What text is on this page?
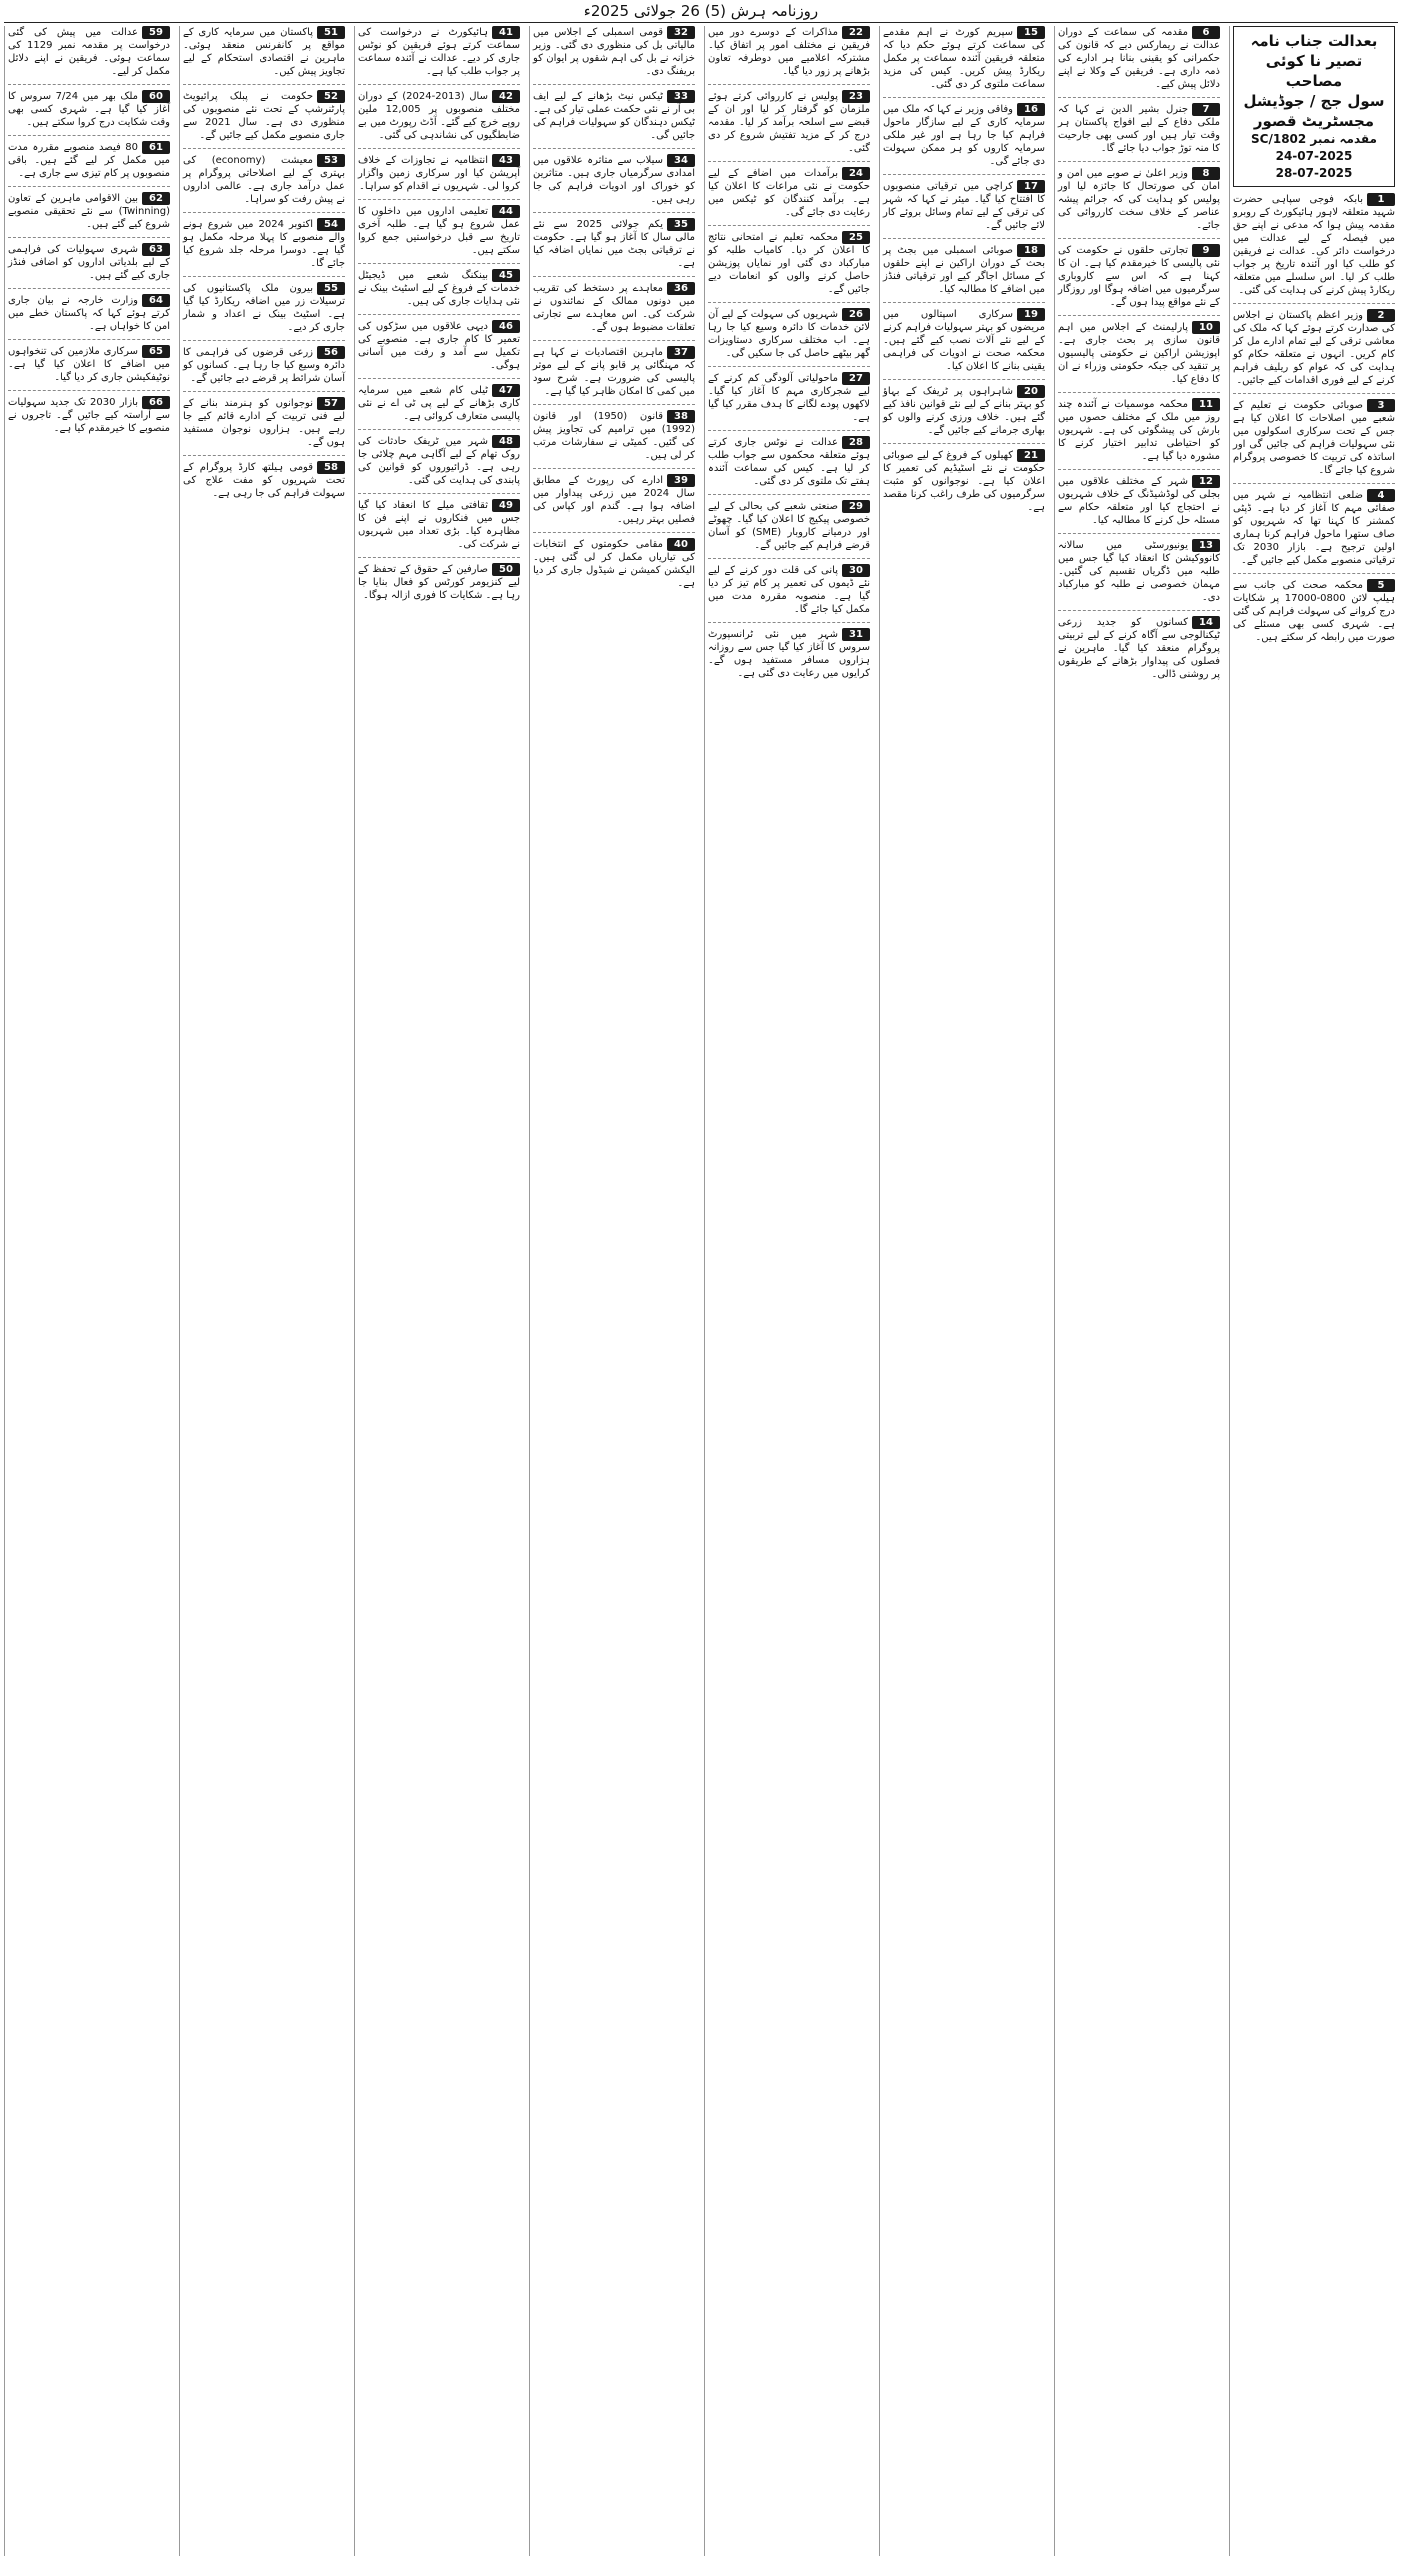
روزنامہ ہرش (5) 26 جولائی 2025ء
بعدالت جناب نامہ تصیر نا کوئی مصاحب
سول جج / جوڈیشل مجسٹریٹ قصور
مقدمہ نمبر 1802/SC
24-07-2025
28-07-2025
1بابکہ فوجی سپاہی حضرت شہید متعلقہ لاہور ہائیکورٹ کے روبرو مقدمہ پیش ہوا کہ مدعی نے اپنے حق میں فیصلہ کے لیے عدالت میں درخواست دائر کی۔ عدالت نے فریقین کو طلب کیا اور آئندہ تاریخ پر جواب طلب کر لیا۔ اس سلسلے میں متعلقہ ریکارڈ پیش کرنے کی ہدایت کی گئی۔
2وزیر اعظم پاکستان نے اجلاس کی صدارت کرتے ہوئے کہا کہ ملک کی معاشی ترقی کے لیے تمام ادارے مل کر کام کریں۔ انہوں نے متعلقہ حکام کو ہدایت کی کہ عوام کو ریلیف فراہم کرنے کے لیے فوری اقدامات کیے جائیں۔
3صوبائی حکومت نے تعلیم کے شعبے میں اصلاحات کا اعلان کیا ہے جس کے تحت سرکاری اسکولوں میں نئی سہولیات فراہم کی جائیں گی اور اساتذہ کی تربیت کا خصوصی پروگرام شروع کیا جائے گا۔
4ضلعی انتظامیہ نے شہر میں صفائی مہم کا آغاز کر دیا ہے۔ ڈپٹی کمشنر کا کہنا تھا کہ شہریوں کو صاف ستھرا ماحول فراہم کرنا ہماری اولین ترجیح ہے۔ بازار 2030 تک ترقیاتی منصوبے مکمل کیے جائیں گے۔
5محکمہ صحت کی جانب سے ہیلپ لائن 0800-17000 پر شکایات درج کروانے کی سہولت فراہم کی گئی ہے۔ شہری کسی بھی مسئلے کی صورت میں رابطہ کر سکتے ہیں۔
6مقدمہ کی سماعت کے دوران عدالت نے ریمارکس دیے کہ قانون کی حکمرانی کو یقینی بنانا ہر ادارے کی ذمہ داری ہے۔ فریقین کے وکلا نے اپنے دلائل پیش کیے۔
7جنرل بشیر الدین نے کہا کہ ملکی دفاع کے لیے افواج پاکستان ہر وقت تیار ہیں اور کسی بھی جارحیت کا منہ توڑ جواب دیا جائے گا۔
8وزیر اعلیٰ نے صوبے میں امن و امان کی صورتحال کا جائزہ لیا اور پولیس کو ہدایت کی کہ جرائم پیشہ عناصر کے خلاف سخت کارروائی کی جائے۔
9تجارتی حلقوں نے حکومت کی نئی پالیسی کا خیرمقدم کیا ہے۔ ان کا کہنا ہے کہ اس سے کاروباری سرگرمیوں میں اضافہ ہوگا اور روزگار کے نئے مواقع پیدا ہوں گے۔
10پارلیمنٹ کے اجلاس میں اہم قانون سازی پر بحث جاری ہے۔ اپوزیشن اراکین نے حکومتی پالیسیوں پر تنقید کی جبکہ حکومتی وزراء نے ان کا دفاع کیا۔
11محکمہ موسمیات نے آئندہ چند روز میں ملک کے مختلف حصوں میں بارش کی پیشگوئی کی ہے۔ شہریوں کو احتیاطی تدابیر اختیار کرنے کا مشورہ دیا گیا ہے۔
12شہر کے مختلف علاقوں میں بجلی کی لوڈشیڈنگ کے خلاف شہریوں نے احتجاج کیا اور متعلقہ حکام سے مسئلہ حل کرنے کا مطالبہ کیا۔
13یونیورسٹی میں سالانہ کانووکیشن کا انعقاد کیا گیا جس میں طلبہ میں ڈگریاں تقسیم کی گئیں۔ مہمان خصوصی نے طلبہ کو مبارکباد دی۔
14کسانوں کو جدید زرعی ٹیکنالوجی سے آگاہ کرنے کے لیے تربیتی پروگرام منعقد کیا گیا۔ ماہرین نے فصلوں کی پیداوار بڑھانے کے طریقوں پر روشنی ڈالی۔
15سپریم کورٹ نے اہم مقدمے کی سماعت کرتے ہوئے حکم دیا کہ متعلقہ فریقین آئندہ سماعت پر مکمل ریکارڈ پیش کریں۔ کیس کی مزید سماعت ملتوی کر دی گئی۔
16وفاقی وزیر نے کہا کہ ملک میں سرمایہ کاری کے لیے سازگار ماحول فراہم کیا جا رہا ہے اور غیر ملکی سرمایہ کاروں کو ہر ممکن سہولت دی جائے گی۔
17کراچی میں ترقیاتی منصوبوں کا افتتاح کیا گیا۔ میئر نے کہا کہ شہر کی ترقی کے لیے تمام وسائل بروئے کار لائے جائیں گے۔
18صوبائی اسمبلی میں بجٹ پر بحث کے دوران اراکین نے اپنے حلقوں کے مسائل اجاگر کیے اور ترقیاتی فنڈز میں اضافے کا مطالبہ کیا۔
19سرکاری اسپتالوں میں مریضوں کو بہتر سہولیات فراہم کرنے کے لیے نئے آلات نصب کیے گئے ہیں۔ محکمہ صحت نے ادویات کی فراہمی یقینی بنانے کا اعلان کیا۔
20شاہراہوں پر ٹریفک کے بہاؤ کو بہتر بنانے کے لیے نئے قوانین نافذ کیے گئے ہیں۔ خلاف ورزی کرنے والوں کو بھاری جرمانے کیے جائیں گے۔
21کھیلوں کے فروغ کے لیے صوبائی حکومت نے نئے اسٹیڈیم کی تعمیر کا اعلان کیا ہے۔ نوجوانوں کو مثبت سرگرمیوں کی طرف راغب کرنا مقصد ہے۔
22مذاکرات کے دوسرے دور میں فریقین نے مختلف امور پر اتفاق کیا۔ مشترکہ اعلامیے میں دوطرفہ تعاون بڑھانے پر زور دیا گیا۔
23پولیس نے کارروائی کرتے ہوئے ملزمان کو گرفتار کر لیا اور ان کے قبضے سے اسلحہ برآمد کر لیا۔ مقدمہ درج کر کے مزید تفتیش شروع کر دی گئی۔
24برآمدات میں اضافے کے لیے حکومت نے نئی مراعات کا اعلان کیا ہے۔ برآمد کنندگان کو ٹیکس میں رعایت دی جائے گی۔
25محکمہ تعلیم نے امتحانی نتائج کا اعلان کر دیا۔ کامیاب طلبہ کو مبارکباد دی گئی اور نمایاں پوزیشن حاصل کرنے والوں کو انعامات دیے جائیں گے۔
26شہریوں کی سہولت کے لیے آن لائن خدمات کا دائرہ وسیع کیا جا رہا ہے۔ اب مختلف سرکاری دستاویزات گھر بیٹھے حاصل کی جا سکیں گی۔
27ماحولیاتی آلودگی کم کرنے کے لیے شجرکاری مہم کا آغاز کیا گیا۔ لاکھوں پودے لگانے کا ہدف مقرر کیا گیا ہے۔
28عدالت نے نوٹس جاری کرتے ہوئے متعلقہ محکموں سے جواب طلب کر لیا ہے۔ کیس کی سماعت آئندہ ہفتے تک ملتوی کر دی گئی۔
29صنعتی شعبے کی بحالی کے لیے خصوصی پیکیج کا اعلان کیا گیا۔ چھوٹے اور درمیانے کاروبار (SME) کو آسان قرضے فراہم کیے جائیں گے۔
30پانی کی قلت دور کرنے کے لیے نئے ڈیموں کی تعمیر پر کام تیز کر دیا گیا ہے۔ منصوبہ مقررہ مدت میں مکمل کیا جائے گا۔
31شہر میں نئی ٹرانسپورٹ سروس کا آغاز کیا گیا جس سے روزانہ ہزاروں مسافر مستفید ہوں گے۔ کرایوں میں رعایت دی گئی ہے۔
32قومی اسمبلی کے اجلاس میں مالیاتی بل کی منظوری دی گئی۔ وزیر خزانہ نے بل کی اہم شقوں پر ایوان کو بریفنگ دی۔
33ٹیکس نیٹ بڑھانے کے لیے ایف بی آر نے نئی حکمت عملی تیار کی ہے۔ ٹیکس دہندگان کو سہولیات فراہم کی جائیں گی۔
34سیلاب سے متاثرہ علاقوں میں امدادی سرگرمیاں جاری ہیں۔ متاثرین کو خوراک اور ادویات فراہم کی جا رہی ہیں۔
35یکم جولائی 2025 سے نئے مالی سال کا آغاز ہو گیا ہے۔ حکومت نے ترقیاتی بجٹ میں نمایاں اضافہ کیا ہے۔
36معاہدے پر دستخط کی تقریب میں دونوں ممالک کے نمائندوں نے شرکت کی۔ اس معاہدے سے تجارتی تعلقات مضبوط ہوں گے۔
37ماہرین اقتصادیات نے کہا ہے کہ مہنگائی پر قابو پانے کے لیے موثر پالیسی کی ضرورت ہے۔ شرح سود میں کمی کا امکان ظاہر کیا گیا ہے۔
38قانون (1950) اور قانون (1992) میں ترامیم کی تجاویز پیش کی گئیں۔ کمیٹی نے سفارشات مرتب کر لی ہیں۔
39ادارے کی رپورٹ کے مطابق سال 2024 میں زرعی پیداوار میں اضافہ ہوا ہے۔ گندم اور کپاس کی فصلیں بہتر رہیں۔
40مقامی حکومتوں کے انتخابات کی تیاریاں مکمل کر لی گئی ہیں۔ الیکشن کمیشن نے شیڈول جاری کر دیا ہے۔
41ہائیکورٹ نے درخواست کی سماعت کرتے ہوئے فریقین کو نوٹس جاری کر دیے۔ عدالت نے آئندہ سماعت پر جواب طلب کیا ہے۔
42سال (2013-2024) کے دوران مختلف منصوبوں پر 12,005 ملین روپے خرچ کیے گئے۔ آڈٹ رپورٹ میں بے ضابطگیوں کی نشاندہی کی گئی۔
43انتظامیہ نے تجاوزات کے خلاف آپریشن کیا اور سرکاری زمین واگزار کروا لی۔ شہریوں نے اقدام کو سراہا۔
44تعلیمی اداروں میں داخلوں کا عمل شروع ہو گیا ہے۔ طلبہ آخری تاریخ سے قبل درخواستیں جمع کروا سکتے ہیں۔
45بینکنگ شعبے میں ڈیجیٹل خدمات کے فروغ کے لیے اسٹیٹ بینک نے نئی ہدایات جاری کی ہیں۔
46دیہی علاقوں میں سڑکوں کی تعمیر کا کام جاری ہے۔ منصوبے کی تکمیل سے آمد و رفت میں آسانی ہوگی۔
47ٹیلی کام شعبے میں سرمایہ کاری بڑھانے کے لیے پی ٹی اے نے نئی پالیسی متعارف کروائی ہے۔
48شہر میں ٹریفک حادثات کی روک تھام کے لیے آگاہی مہم چلائی جا رہی ہے۔ ڈرائیوروں کو قوانین کی پابندی کی ہدایت کی گئی۔
49ثقافتی میلے کا انعقاد کیا گیا جس میں فنکاروں نے اپنے فن کا مظاہرہ کیا۔ بڑی تعداد میں شہریوں نے شرکت کی۔
50صارفین کے حقوق کے تحفظ کے لیے کنزیومر کورٹس کو فعال بنایا جا رہا ہے۔ شکایات کا فوری ازالہ ہوگا۔
51پاکستان میں سرمایہ کاری کے مواقع پر کانفرنس منعقد ہوئی۔ ماہرین نے اقتصادی استحکام کے لیے تجاویز پیش کیں۔
52حکومت نے پبلک پرائیویٹ پارٹنرشپ کے تحت نئے منصوبوں کی منظوری دی ہے۔ سال 2021 سے جاری منصوبے مکمل کیے جائیں گے۔
53معیشت (economy) کی بہتری کے لیے اصلاحاتی پروگرام پر عمل درآمد جاری ہے۔ عالمی اداروں نے پیش رفت کو سراہا۔
54اکتوبر 2024 میں شروع ہونے والے منصوبے کا پہلا مرحلہ مکمل ہو گیا ہے۔ دوسرا مرحلہ جلد شروع کیا جائے گا۔
55بیرون ملک پاکستانیوں کی ترسیلات زر میں اضافہ ریکارڈ کیا گیا ہے۔ اسٹیٹ بینک نے اعداد و شمار جاری کر دیے۔
56زرعی قرضوں کی فراہمی کا دائرہ وسیع کیا جا رہا ہے۔ کسانوں کو آسان شرائط پر قرضے دیے جائیں گے۔
57نوجوانوں کو ہنرمند بنانے کے لیے فنی تربیت کے ادارے قائم کیے جا رہے ہیں۔ ہزاروں نوجوان مستفید ہوں گے۔
58قومی ہیلتھ کارڈ پروگرام کے تحت شہریوں کو مفت علاج کی سہولت فراہم کی جا رہی ہے۔
59عدالت میں پیش کی گئی درخواست پر مقدمہ نمبر 1129 کی سماعت ہوئی۔ فریقین نے اپنے دلائل مکمل کر لیے۔
60ملک بھر میں 7/24 سروس کا آغاز کیا گیا ہے۔ شہری کسی بھی وقت شکایت درج کروا سکتے ہیں۔
6180 فیصد منصوبے مقررہ مدت میں مکمل کر لیے گئے ہیں۔ باقی منصوبوں پر کام تیزی سے جاری ہے۔
62بین الاقوامی ماہرین کے تعاون (Twinning) سے نئے تحقیقی منصوبے شروع کیے گئے ہیں۔
63شہری سہولیات کی فراہمی کے لیے بلدیاتی اداروں کو اضافی فنڈز جاری کیے گئے ہیں۔
64وزارت خارجہ نے بیان جاری کرتے ہوئے کہا کہ پاکستان خطے میں امن کا خواہاں ہے۔
65سرکاری ملازمین کی تنخواہوں میں اضافے کا اعلان کیا گیا ہے۔ نوٹیفکیشن جاری کر دیا گیا۔
66بازار 2030 تک جدید سہولیات سے آراستہ کیے جائیں گے۔ تاجروں نے منصوبے کا خیرمقدم کیا ہے۔
